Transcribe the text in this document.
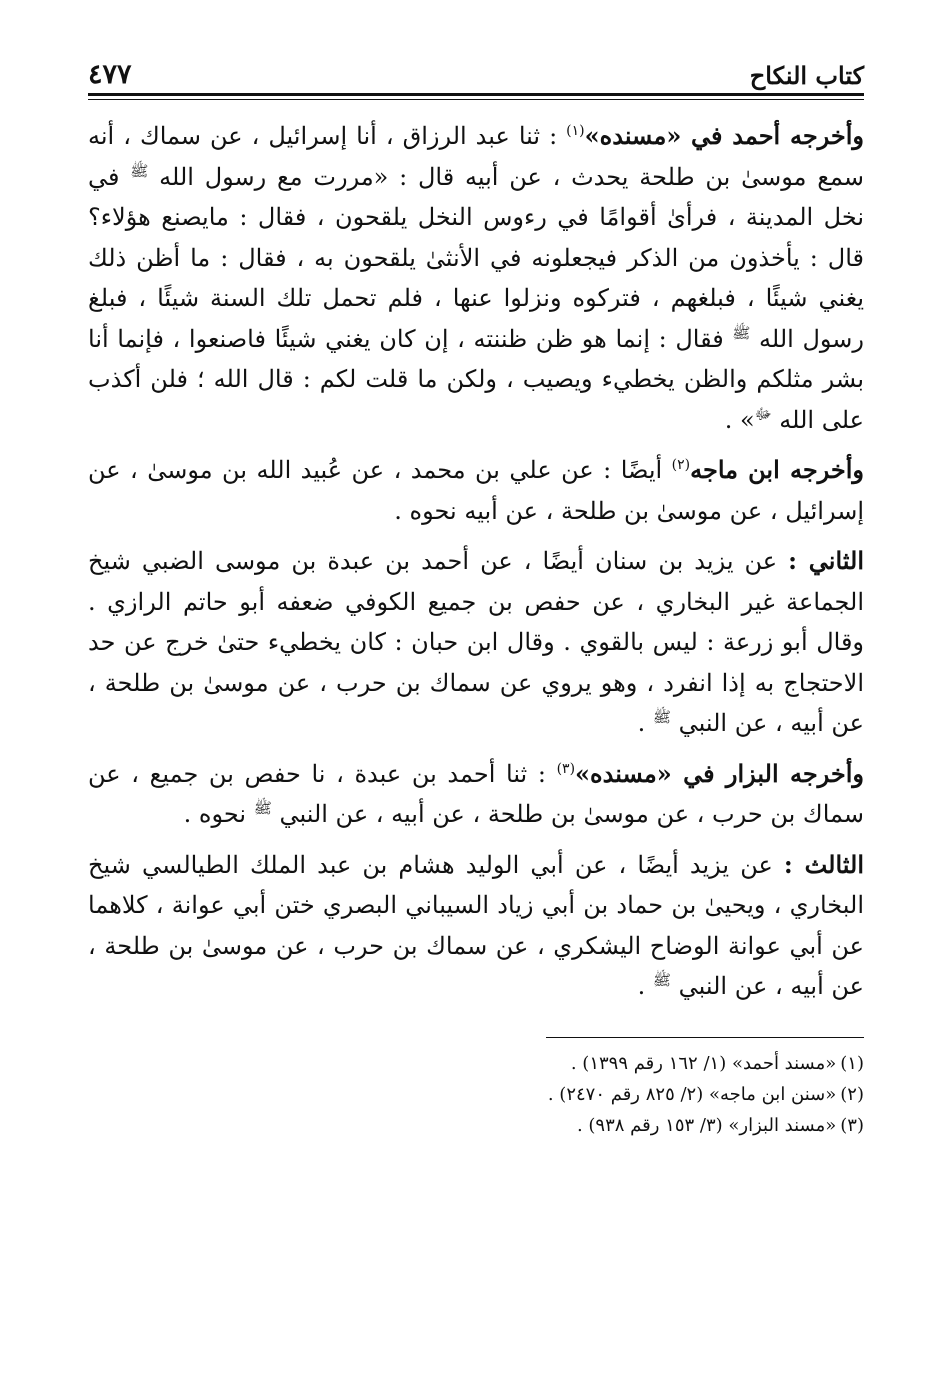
كتاب النكاح
٤٧٧

وأخرجه أحمد في «مسنده»$^{(١)}$ : ثنا عبد الرزاق ، أنا إسرائيل ، عن سماك ، أنه سمع موسىٰ بن طلحة يحدث ، عن أبيه قال : «مررت مع رسول الله $^ﷺ$ في نخل المدينة ، فرأىٰ أقوامًا في رءوس النخل يلقحون ، فقال : مايصنع هؤلاء؟ قال : يأخذون من الذكر فيجعلونه في الأنثىٰ يلقحون به ، فقال : ما أظن ذلك يغني شيئًا ، فبلغهم ، فتركوه ونزلوا عنها ، فلم تحمل تلك السنة شيئًا ، فبلغ رسول الله $^ﷺ$ فقال : إنما هو ظن ظننته ، إن كان يغني شيئًا فاصنعوا ، فإنما أنا بشر مثلكم والظن يخطيء ويصيب ، ولكن ما قلت لكم : قال الله ؛ فلن أكذب على الله $^ﷻ$» .

وأخرجه ابن ماجه$^{(٢)}$ أيضًا : عن علي بن محمد ، عن عُبيد الله بن موسىٰ ، عن إسرائيل ، عن موسىٰ بن طلحة ، عن أبيه نحوه .

الثاني : عن يزيد بن سنان أيضًا ، عن أحمد بن عبدة بن موسى الضبي شيخ الجماعة غير البخاري ، عن حفص بن جميع الكوفي ضعفه أبو حاتم الرازي . وقال أبو زرعة : ليس بالقوي . وقال ابن حبان : كان يخطيء حتىٰ خرج عن حد الاحتجاج به إذا انفرد ، وهو يروي عن سماك بن حرب ، عن موسىٰ بن طلحة ، عن أبيه ، عن النبي $^ﷺ$ .

وأخرجه البزار في «مسنده»$^{(٣)}$ : ثنا أحمد بن عبدة ، نا حفص بن جميع ، عن سماك بن حرب ، عن موسىٰ بن طلحة ، عن أبيه ، عن النبي $^ﷺ$ نحوه .

الثالث : عن يزيد أيضًا ، عن أبي الوليد هشام بن عبد الملك الطيالسي شيخ البخاري ، ويحيىٰ بن حماد بن أبي زياد السيباني البصري ختن أبي عوانة ، كلاهما عن أبي عوانة الوضاح اليشكري ، عن سماك بن حرب ، عن موسىٰ بن طلحة ، عن أبيه ، عن النبي $^ﷺ$ .

(١)«مسند أحمد» (١/ ١٦٢ رقم ١٣٩٩) .
(٢)«سنن ابن ماجه» (٢/ ٨٢٥ رقم ٢٤٧٠) .
(٣)«مسند البزار» (٣/ ١٥٣ رقم ٩٣٨) .
